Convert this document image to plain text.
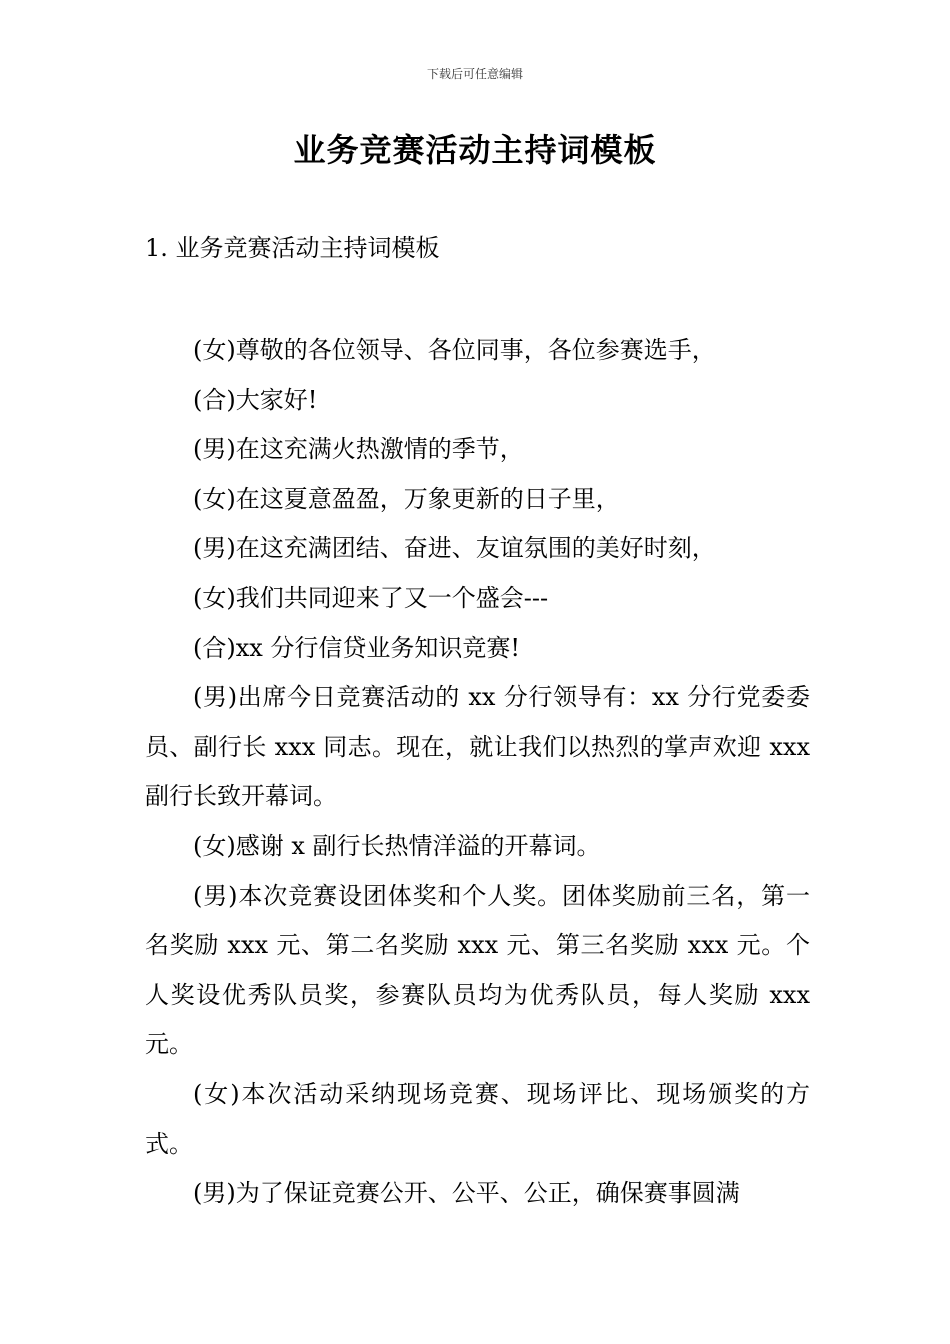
下载后可任意编辑
业务竞赛活动主持词模板
1. 业务竞赛活动主持词模板

(女)尊敬的各位领导、各位同事，各位参赛选手，

(合)大家好!

(男)在这充满火热激情的季节，

(女)在这夏意盈盈，万象更新的日子里，

(男)在这充满团结、奋进、友谊氛围的美好时刻，

(女)我们共同迎来了又一个盛会---

(合)xx 分行信贷业务知识竞赛!

(男)出席今日竞赛活动的 xx 分行领导有：xx 分行党委委员、副行长 xxx 同志。现在，就让我们以热烈的掌声欢迎 xxx 副行长致开幕词。

(女)感谢 x 副行长热情洋溢的开幕词。

(男)本次竞赛设团体奖和个人奖。团体奖励前三名，第一名奖励 xxx 元、第二名奖励 xxx 元、第三名奖励 xxx 元。个人奖设优秀队员奖，参赛队员均为优秀队员，每人奖励 xxx 元。

(女)本次活动采纳现场竞赛、现场评比、现场颁奖的方式。

(男)为了保证竞赛公开、公平、公正，确保赛事圆满
